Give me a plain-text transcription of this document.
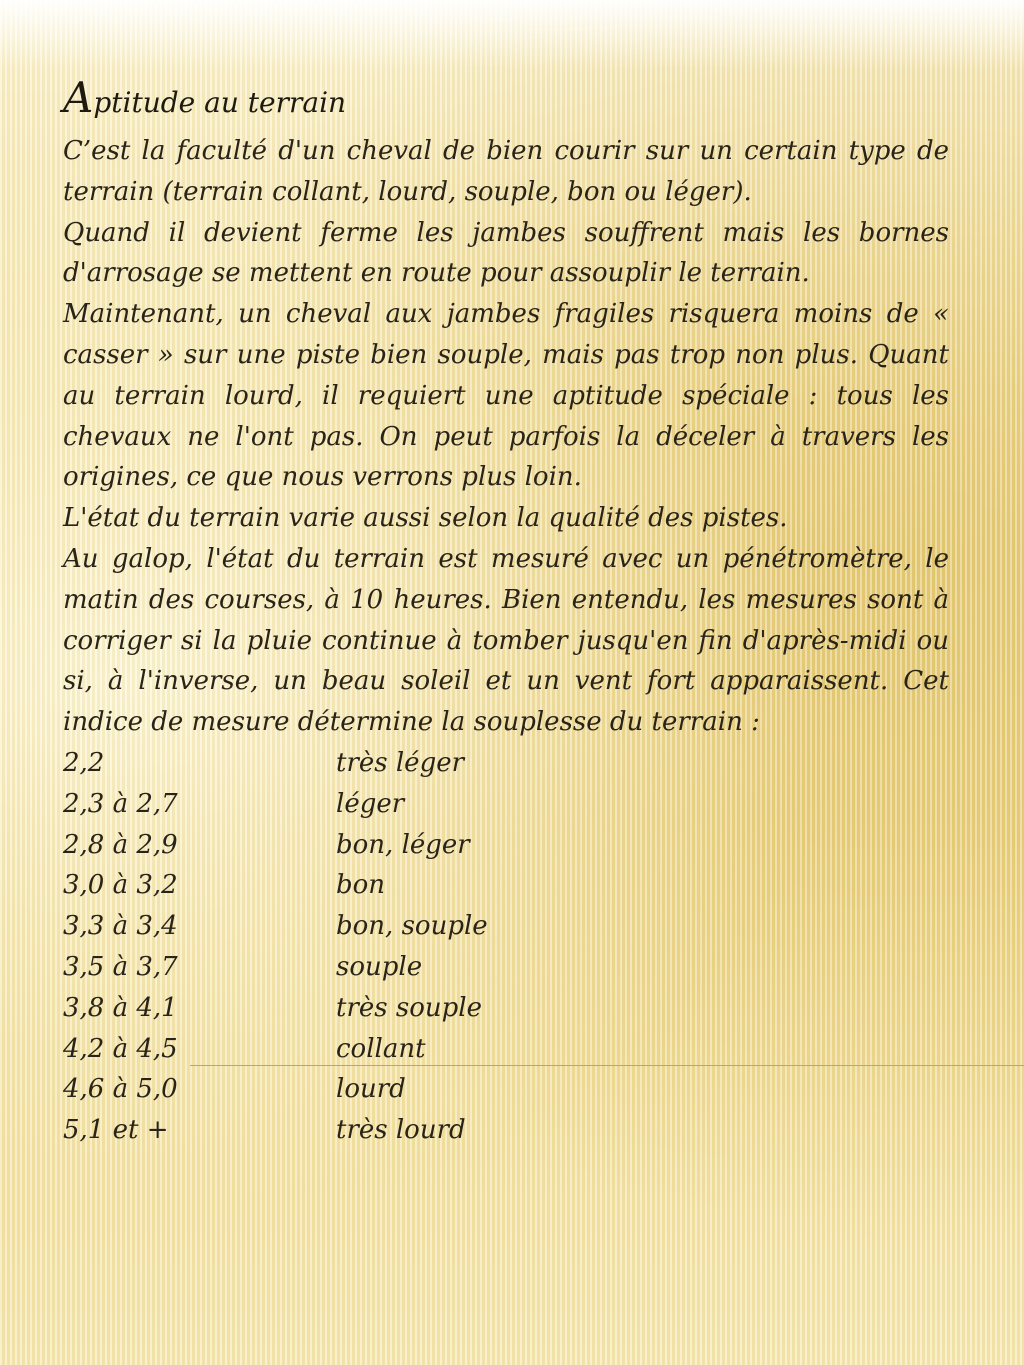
Aptitude au terrain

C’est la faculté d'un cheval de bien courir sur un certain type de terrain (terrain collant, lourd, souple, bon ou léger).

Quand il devient ferme les jambes souffrent mais les bornes d'arrosage se mettent en route pour assouplir le terrain.

Maintenant, un cheval aux jambes fragiles risquera moins de « casser » sur une piste bien souple, mais pas trop non plus. Quant au terrain lourd, il requiert une aptitude spéciale : tous les chevaux ne l'ont pas. On peut parfois la déceler à travers les origines, ce que nous verrons plus loin.

L'état du terrain varie aussi selon la qualité des pistes.

Au galop, l'état du terrain est mesuré avec un pénétromètre, le matin des courses, à 10 heures. Bien entendu, les mesures sont à corriger si la pluie continue à tomber jusqu'en fin d'après-midi ou si, à l'inverse, un beau soleil et un vent fort apparaissent. Cet indice de mesure détermine la souplesse du terrain :

2,2	très léger
2,3 à 2,7	léger
2,8 à 2,9	bon, léger
3,0 à 3,2	bon
3,3 à 3,4	bon, souple
3,5 à 3,7	souple
3,8 à 4,1	très souple
4,2 à 4,5	collant
4,6 à 5,0	lourd
5,1 et +	très lourd
